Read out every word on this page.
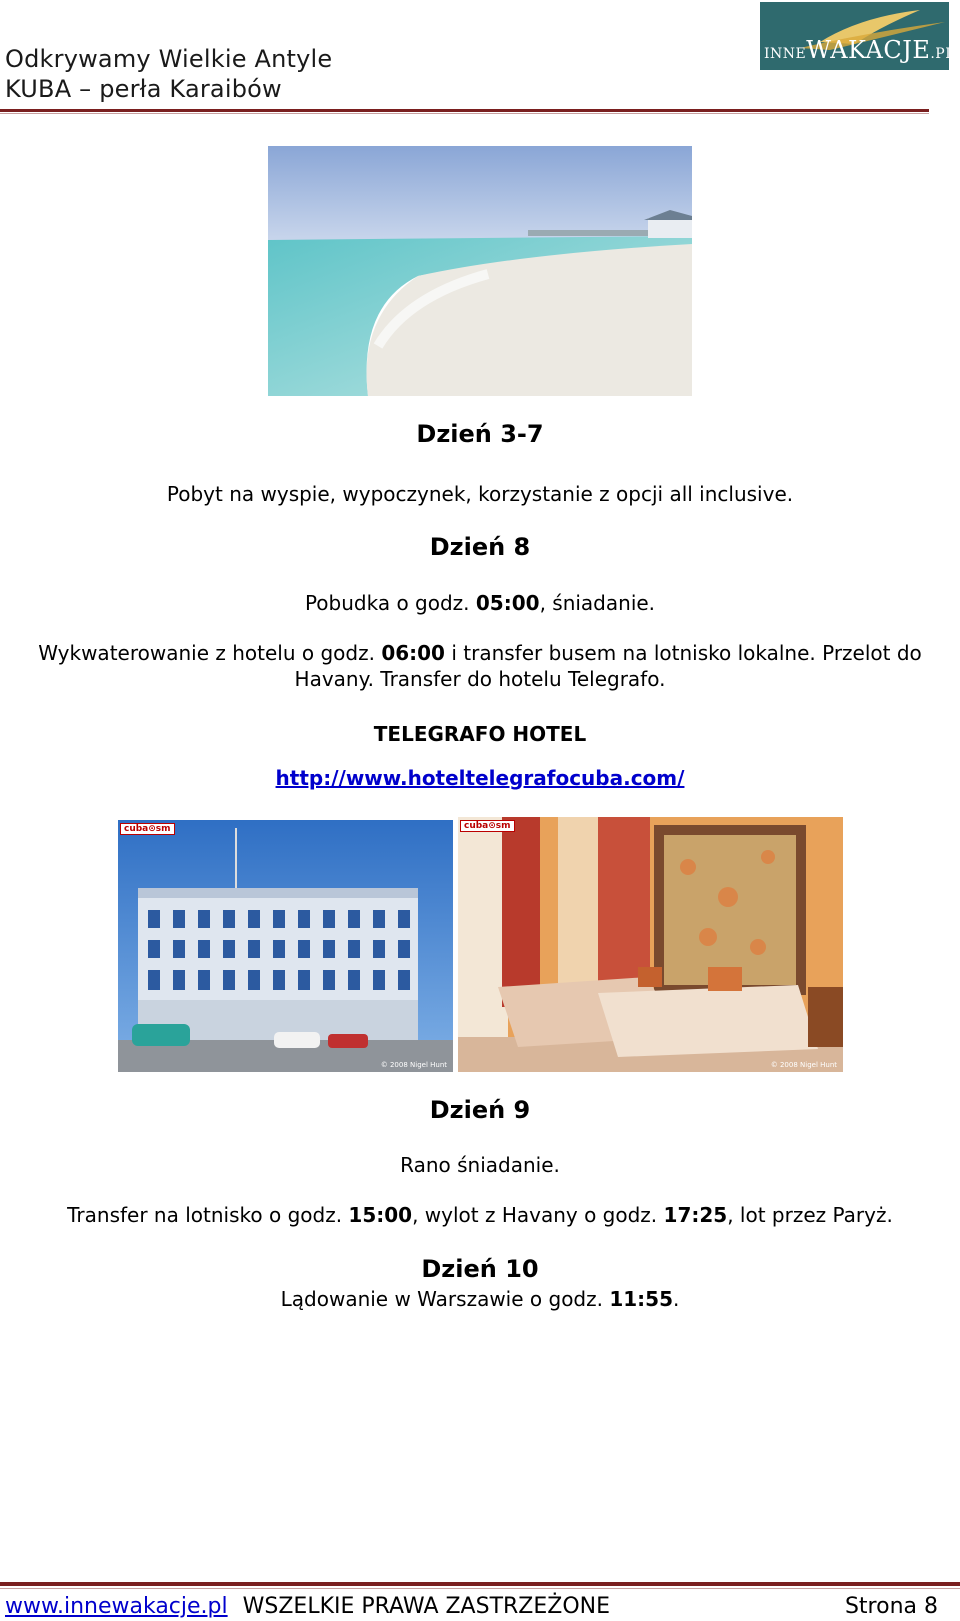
Odkrywamy Wielkie Antyle
KUBA – perła Karaibów
INNEWAKACJE.PL
Dzień 3-7
Pobyt na wyspie, wypoczynek, korzystanie z opcji all inclusive.
Dzień 8
Pobudka o godz. 05:00, śniadanie.
Wykwaterowanie z hotelu o godz. 06:00 i transfer busem na lotnisko lokalne. Przelot do
Havany. Transfer do hotelu Telegrafo.
TELEGRAFO HOTEL
http://www.hoteltelegrafocuba.com/
cuba⊙sm
© 2008 Nigel Hunt
cuba⊙sm
© 2008 Nigel Hunt
Dzień 9
Rano śniadanie.
Transfer na lotnisko o godz. 15:00, wylot z Havany o godz. 17:25, lot przez Paryż.
Dzień 10
Lądowanie w Warszawie o godz. 11:55.
www.innewakacje.pl WSZELKIE PRAWA ZASTRZEŻONE	Strona 8
